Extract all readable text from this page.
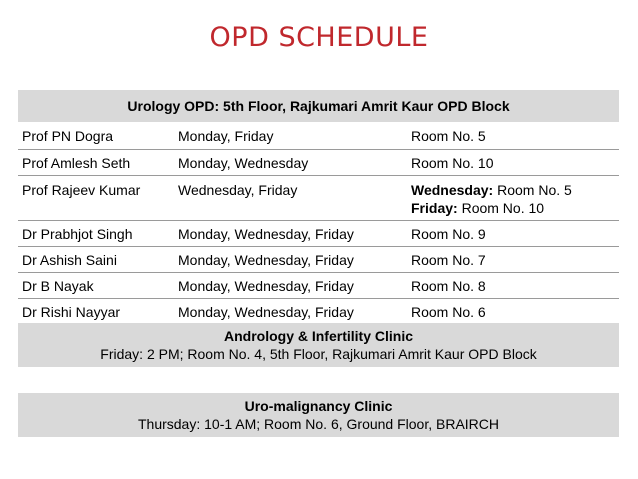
OPD SCHEDULE
Urology OPD: 5th Floor, Rajkumari Amrit Kaur OPD Block
Prof PN Dogra	Monday, Friday	Room No. 5
Prof Amlesh Seth	Monday, Wednesday	Room No. 10
Prof Rajeev Kumar	Wednesday, Friday	Wednesday: Room No. 5
Friday: Room No. 10
Dr Prabhjot Singh	Monday, Wednesday, Friday	Room No. 9
Dr Ashish Saini	Monday, Wednesday, Friday	Room No. 7
Dr B Nayak	Monday, Wednesday, Friday	Room No. 8
Dr Rishi Nayyar	Monday, Wednesday, Friday	Room No. 6
Andrology & Infertility Clinic
Friday: 2 PM; Room No. 4, 5th Floor, Rajkumari Amrit Kaur OPD Block
Uro-malignancy Clinic
Thursday: 10-1 AM; Room No. 6, Ground Floor, BRAIRCH
